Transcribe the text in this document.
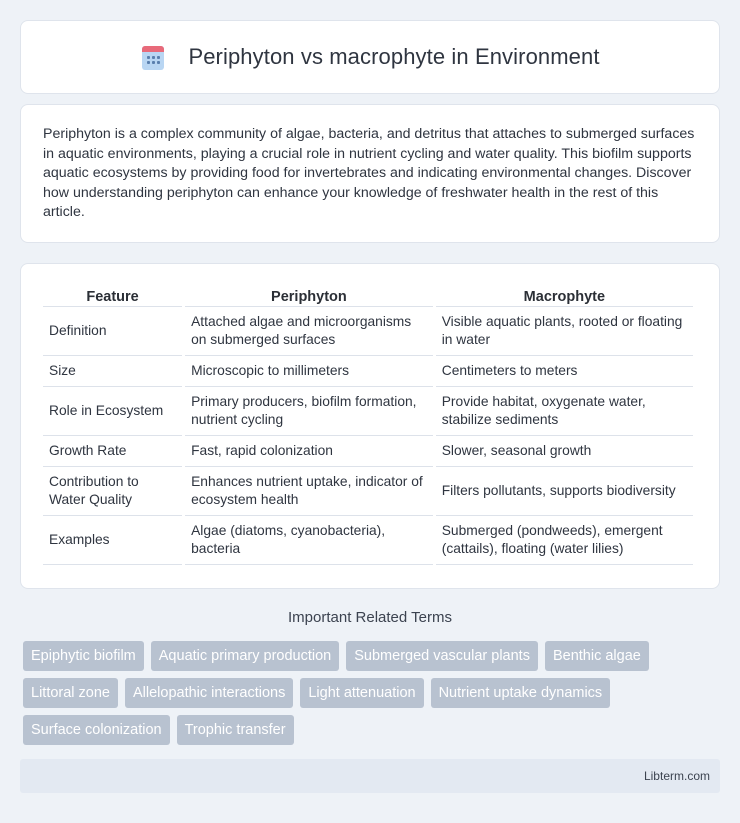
Periphyton vs macrophyte in Environment

Periphyton is a complex community of algae, bacteria, and detritus that attaches to submerged surfaces in aquatic environments, playing a crucial role in nutrient cycling and water quality. This biofilm supports aquatic ecosystems by providing food for invertebrates and indicating environmental changes. Discover how understanding periphyton can enhance your knowledge of freshwater health in the rest of this article.

Feature	Periphyton	Macrophyte
Definition	Attached algae and microorganisms on submerged surfaces	Visible aquatic plants, rooted or floating in water
Size	Microscopic to millimeters	Centimeters to meters
Role in Ecosystem	Primary producers, biofilm formation, nutrient cycling	Provide habitat, oxygenate water, stabilize sediments
Growth Rate	Fast, rapid colonization	Slower, seasonal growth
Contribution to Water Quality	Enhances nutrient uptake, indicator of ecosystem health	Filters pollutants, supports biodiversity
Examples	Algae (diatoms, cyanobacteria), bacteria	Submerged (pondweeds), emergent (cattails), floating (water lilies)
Important Related Terms
Epiphytic biofilm	Aquatic primary production	Submerged vascular plants	Benthic algae
Littoral zone	Allelopathic interactions	Light attenuation	Nutrient uptake dynamics
Surface colonization	Trophic transfer
Libterm.com
